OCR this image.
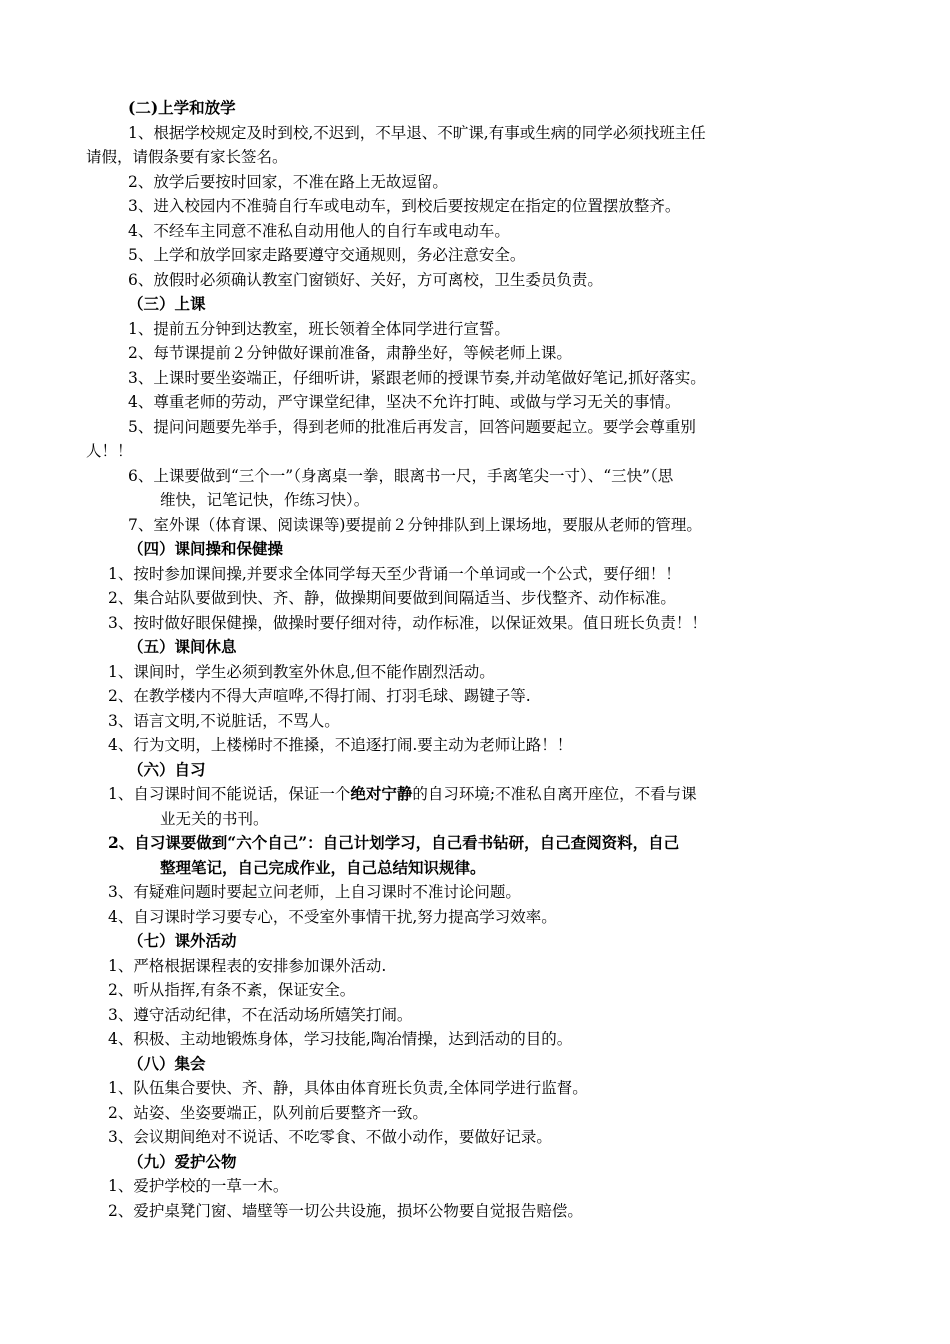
(二)上学和放学
1、根据学校规定及时到校,不迟到，不早退、不旷课,有事或生病的同学必须找班主任
请假，请假条要有家长签名。
2、放学后要按时回家，不准在路上无故逗留。
3、进入校园内不准骑自行车或电动车，到校后要按规定在指定的位置摆放整齐。
4、不经车主同意不准私自动用他人的自行车或电动车。
5、上学和放学回家走路要遵守交通规则，务必注意安全。
6、放假时必须确认教室门窗锁好、关好，方可离校，卫生委员负责。
（三）上课
1、提前五分钟到达教室，班长领着全体同学进行宣誓。
2、每节课提前２分钟做好课前准备，肃静坐好，等候老师上课。
3、上课时要坐姿端正，仔细听讲，紧跟老师的授课节奏,并动笔做好笔记,抓好落实。
4、尊重老师的劳动，严守课堂纪律，坚决不允许打盹、或做与学习无关的事情。
5、提问问题要先举手，得到老师的批准后再发言，回答问题要起立。要学会尊重别
人！！
6、上课要做到“三个一”（身离桌一拳，眼离书一尺，手离笔尖一寸）、“三快”（思
维快，记笔记快，作练习快）。
7、室外课（体育课、阅读课等)要提前２分钟排队到上课场地，要服从老师的管理。
（四）课间操和保健操
1、按时参加课间操,并要求全体同学每天至少背诵一个单词或一个公式，要仔细！！
2、集合站队要做到快、齐、静，做操期间要做到间隔适当、步伐整齐、动作标准。
3、按时做好眼保健操，做操时要仔细对待，动作标准，以保证效果。值日班长负责！！
（五）课间休息
1、课间时，学生必须到教室外休息,但不能作剧烈活动。
2、在教学楼内不得大声喧哗,不得打闹、打羽毛球、踢键子等.
3、语言文明,不说脏话，不骂人。
4、行为文明，上楼梯时不推搡，不追逐打闹.要主动为老师让路！！
（六）自习
1、自习课时间不能说话，保证一个绝对宁静的自习环境;不准私自离开座位，不看与课
业无关的书刊。
2、自习课要做到“六个自己”：自己计划学习，自己看书钻研，自己查阅资料，自己
整理笔记，自己完成作业，自己总结知识规律。
3、有疑难问题时要起立问老师，上自习课时不准讨论问题。
4、自习课时学习要专心，不受室外事情干扰,努力提高学习效率。
（七）课外活动
1、严格根据课程表的安排参加课外活动.
2、听从指挥,有条不紊，保证安全。
3、遵守活动纪律，不在活动场所嬉笑打闹。
4、积极、主动地锻炼身体，学习技能,陶冶情操，达到活动的目的。
（八）集会
1、队伍集合要快、齐、静，具体由体育班长负责,全体同学进行监督。
2、站姿、坐姿要端正，队列前后要整齐一致。
3、会议期间绝对不说话、不吃零食、不做小动作，要做好记录。
（九）爱护公物
1、爱护学校的一草一木。
2、爱护桌凳门窗、墙壁等一切公共设施，损坏公物要自觉报告赔偿。
